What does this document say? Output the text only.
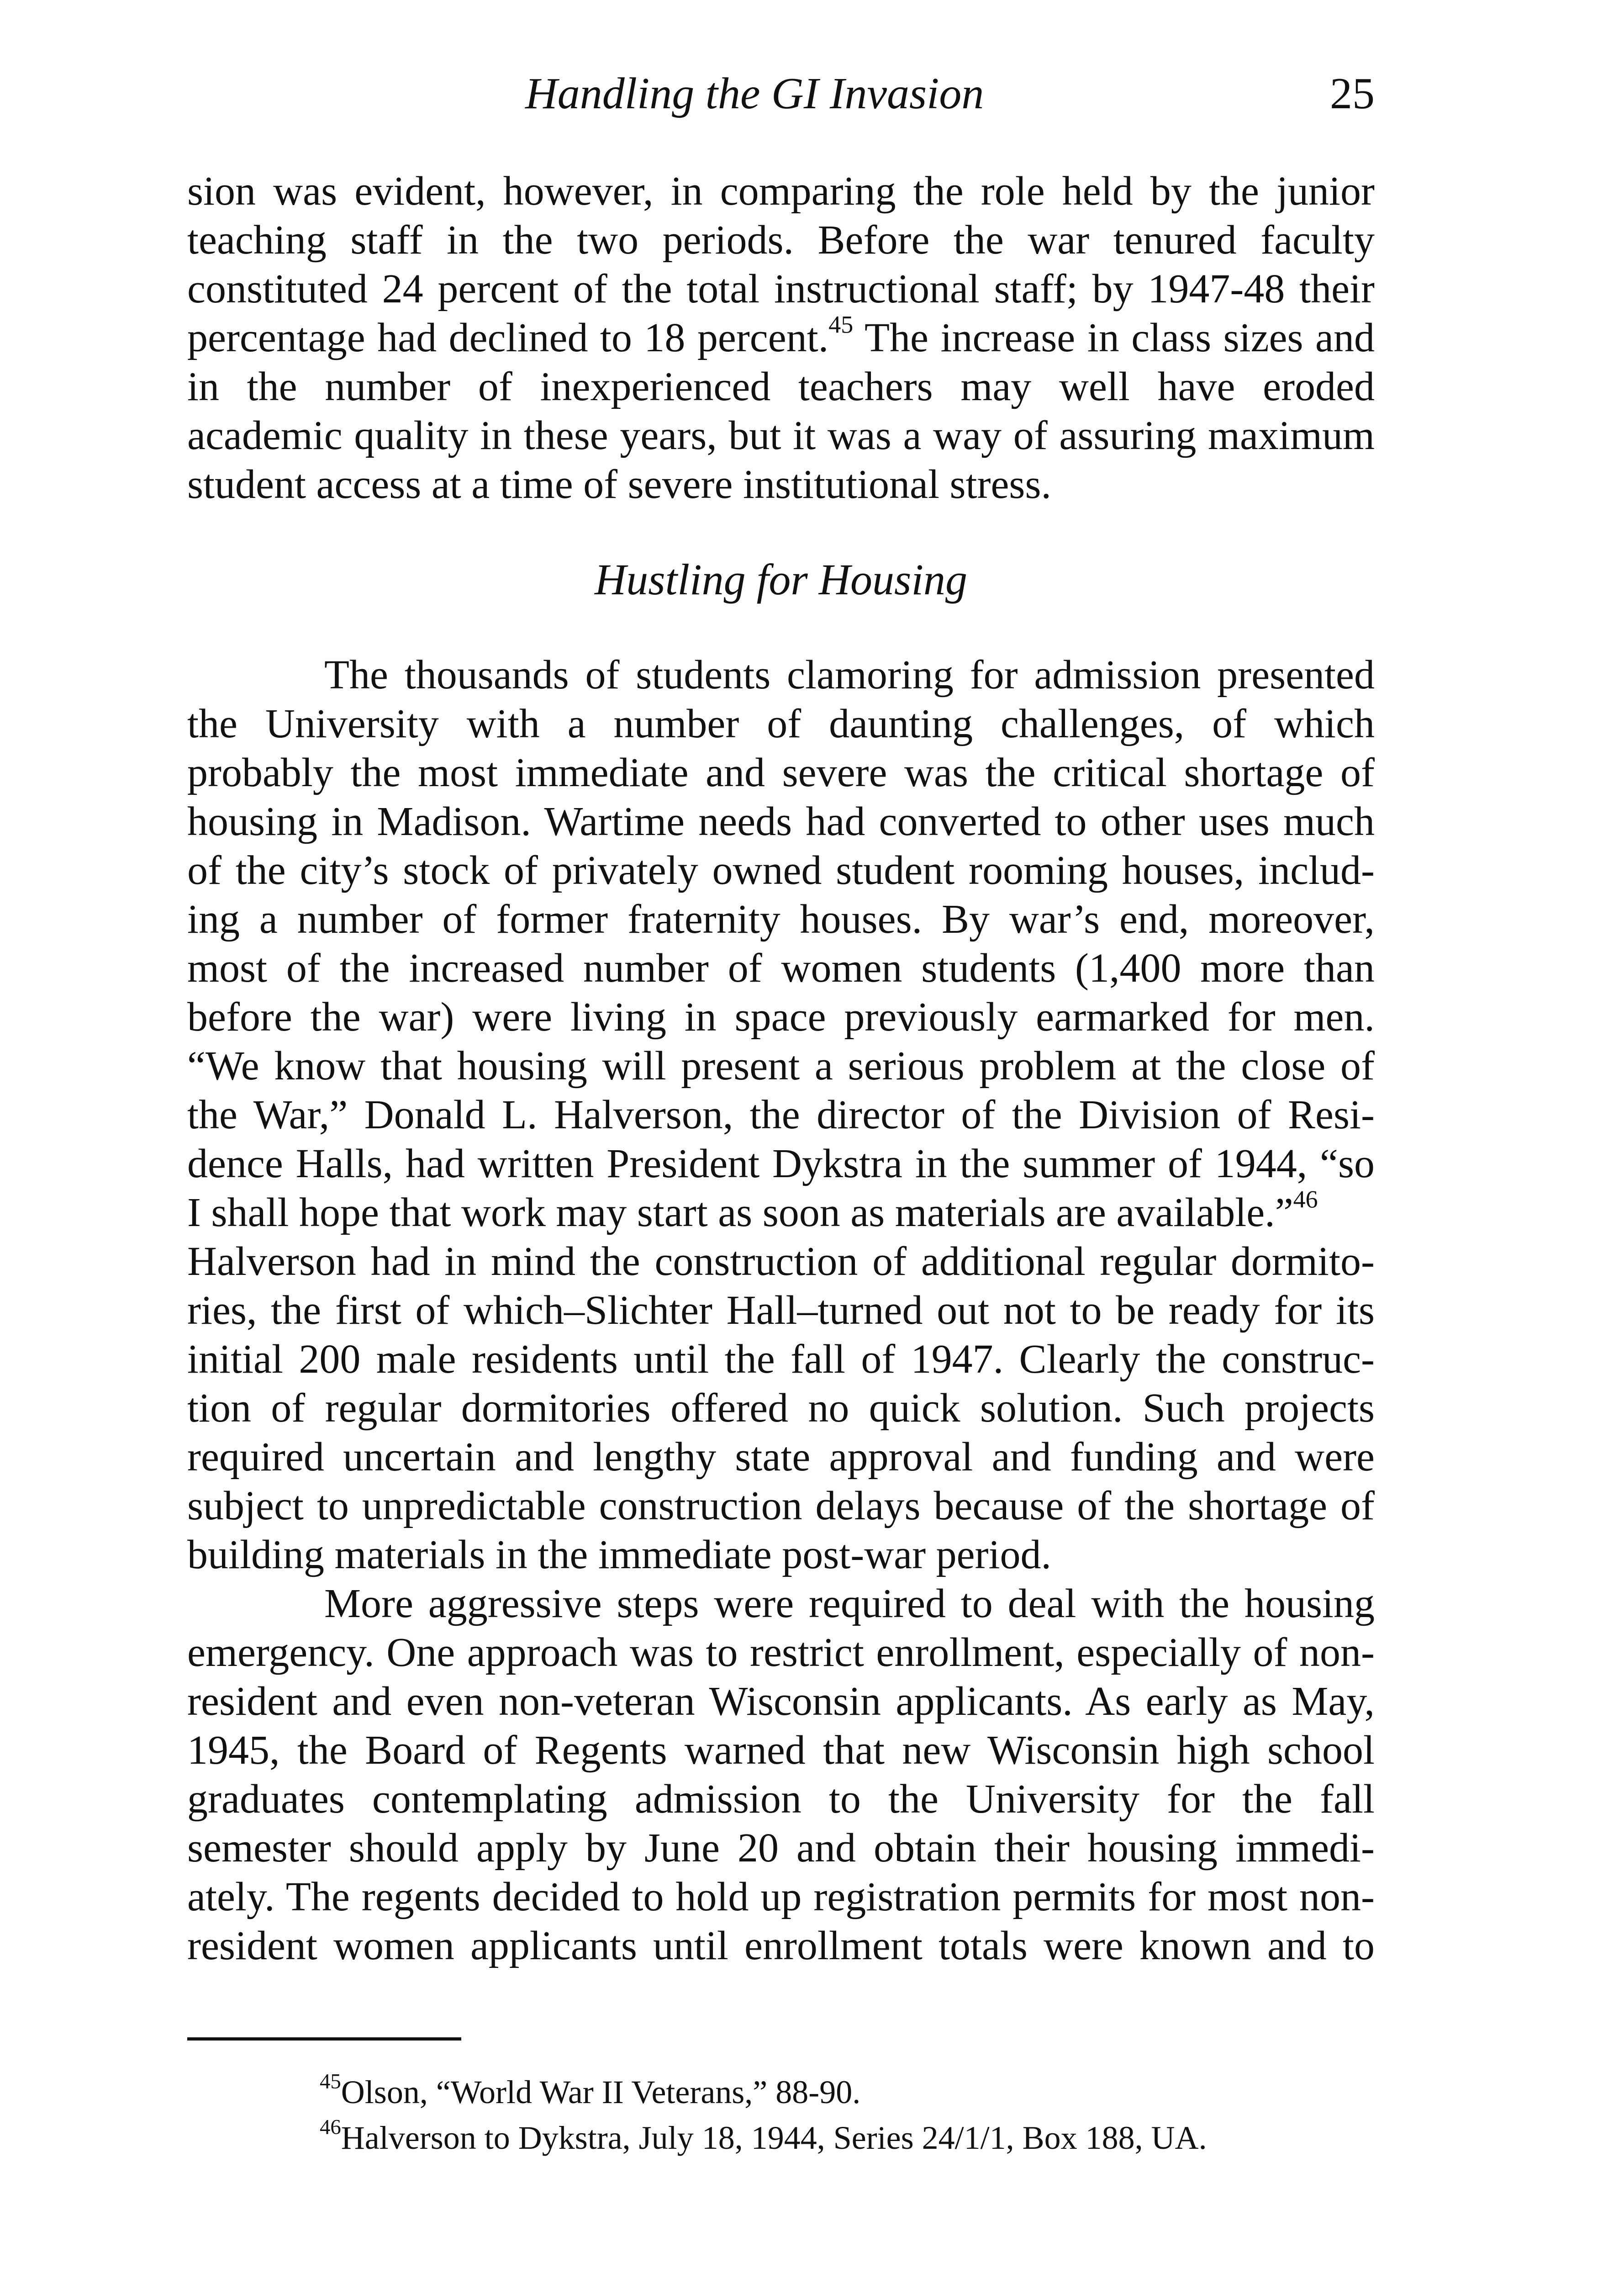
Handling the GI Invasion	25
sion was evident, however, in comparing the role held by the junior
teaching staff in the two periods. Before the war tenured faculty
constituted 24 percent of the total instructional staff; by 1947-48 their
percentage had declined to 18 percent.$^{45}$ The increase in class sizes and
in the number of inexperienced teachers may well have eroded
academic quality in these years, but it was a way of assuring maximum
student access at a time of severe institutional stress.
Hustling for Housing
The thousands of students clamoring for admission presented
the University with a number of daunting challenges, of which
probably the most immediate and severe was the critical shortage of
housing in Madison. Wartime needs had converted to other uses much
of the city’s stock of privately owned student rooming houses, includ-
ing a number of former fraternity houses. By war’s end, moreover,
most of the increased number of women students (1,400 more than
before the war) were living in space previously earmarked for men.
“We know that housing will present a serious problem at the close of
the War,” Donald L. Halverson, the director of the Division of Resi-
dence Halls, had written President Dykstra in the summer of 1944, “so
I shall hope that work may start as soon as materials are available.”$^{46}$
Halverson had in mind the construction of additional regular dormito-
ries, the first of which–Slichter Hall–turned out not to be ready for its
initial 200 male residents until the fall of 1947. Clearly the construc-
tion of regular dormitories offered no quick solution. Such projects
required uncertain and lengthy state approval and funding and were
subject to unpredictable construction delays because of the shortage of
building materials in the immediate post-war period.
More aggressive steps were required to deal with the housing
emergency. One approach was to restrict enrollment, especially of non-
resident and even non-veteran Wisconsin applicants. As early as May,
1945, the Board of Regents warned that new Wisconsin high school
graduates contemplating admission to the University for the fall
semester should apply by June 20 and obtain their housing immedi-
ately. The regents decided to hold up registration permits for most non-
resident women applicants until enrollment totals were known and to
$^{45}$Olson, “World War II Veterans,” 88-90.
$^{46}$Halverson to Dykstra, July 18, 1944, Series 24/1/1, Box 188, UA.
